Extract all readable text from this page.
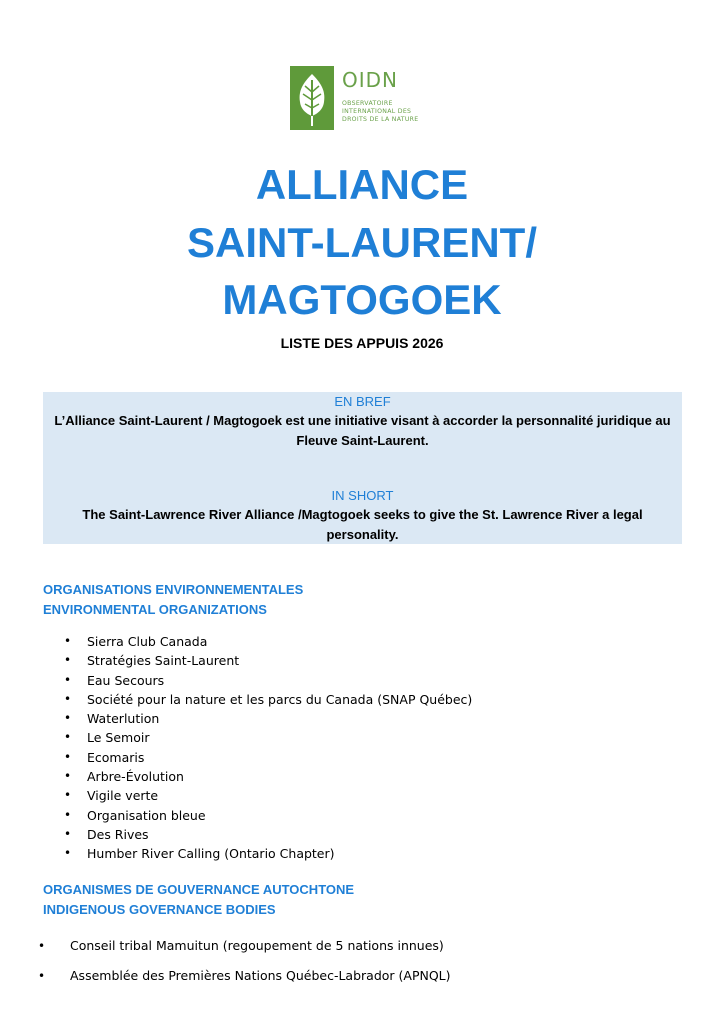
OIDN
OBSERVATOIRE
INTERNATIONAL DES
DROITS DE LA NATURE
ALLIANCE
SAINT-LAURENT/
MAGTOGOEK
LISTE DES APPUIS 2026
EN BREF
L’Alliance Saint-Laurent / Magtogoek est une initiative visant à accorder la personnalité juridique au Fleuve Saint-Laurent.
IN SHORT
The Saint-Lawrence River Alliance /Magtogoek seeks to give the St. Lawrence River a legal personality.
ORGANISATIONS ENVIRONNEMENTALES
ENVIRONMENTAL ORGANIZATIONS
• Sierra Club Canada
• Stratégies Saint-Laurent
• Eau Secours
• Société pour la nature et les parcs du Canada (SNAP Québec)
• Waterlution
• Le Semoir
• Ecomaris
• Arbre-Évolution
• Vigile verte
• Organisation bleue
• Des Rives
• Humber River Calling (Ontario Chapter)
ORGANISMES DE GOUVERNANCE AUTOCHTONE
INDIGENOUS GOVERNANCE BODIES
• Conseil tribal Mamuitun (regoupement de 5 nations innues)
• Assemblée des Premières Nations Québec-Labrador (APNQL)
